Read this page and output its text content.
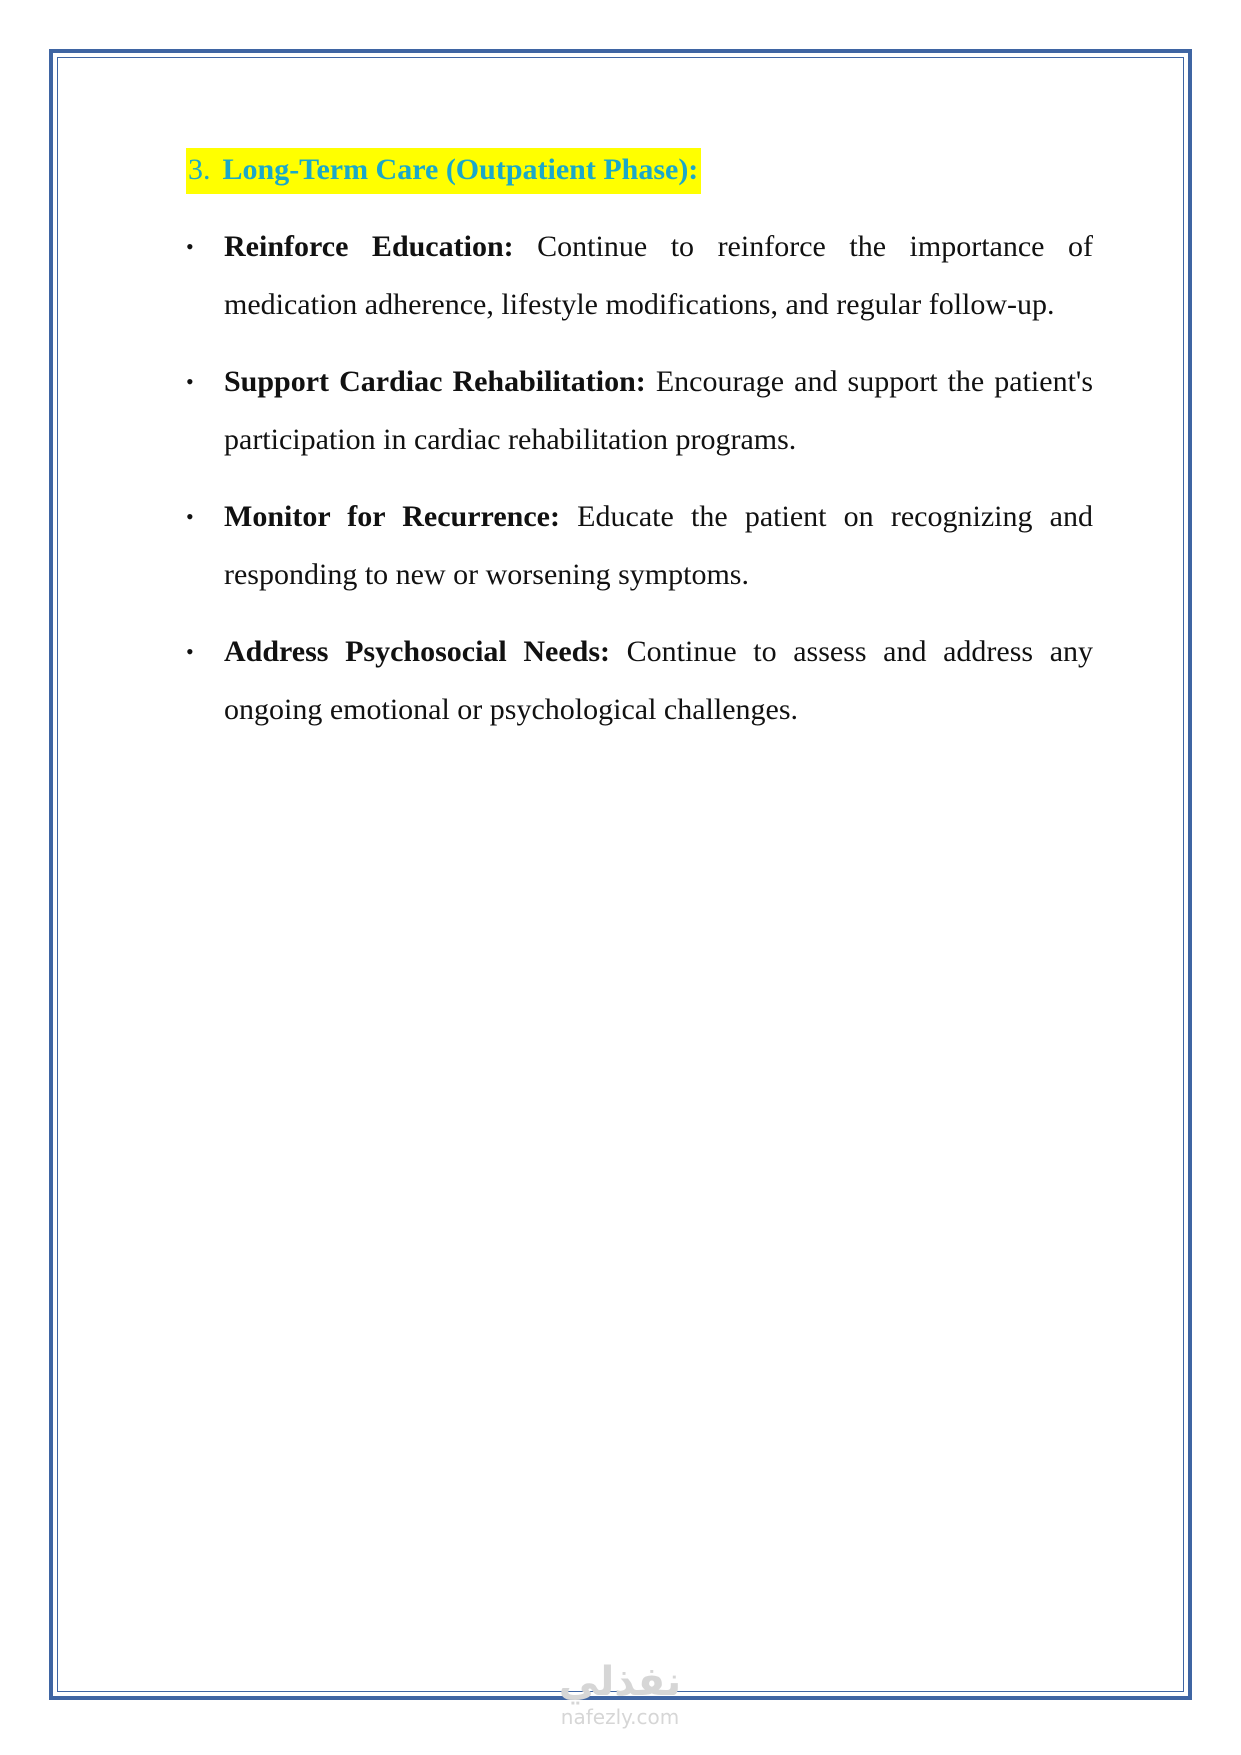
3. Long-Term Care (Outpatient Phase):
•	Reinforce Education: Continue to reinforce the importance of medication adherence, lifestyle modifications, and regular follow-up.
•	Support Cardiac Rehabilitation: Encourage and support the patient's participation in cardiac rehabilitation programs.
•	Monitor for Recurrence: Educate the patient on recognizing and responding to new or worsening symptoms.
•	Address Psychosocial Needs: Continue to assess and address any ongoing emotional or psychological challenges.
نفذلي
nafezly.com
